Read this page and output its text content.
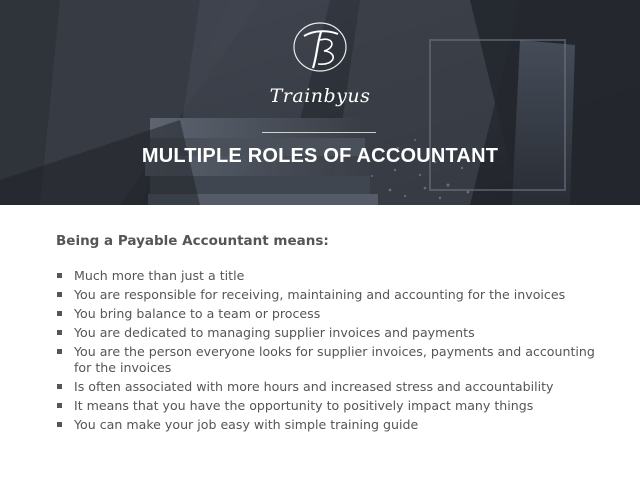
Trainbyus
MULTIPLE ROLES OF ACCOUNTANT
Being a Payable Accountant means:
Much more than just a title
You are responsible for receiving, maintaining and accounting for the invoices
You bring balance to a team or process
You are dedicated to managing supplier invoices and payments
You are the person everyone looks for supplier invoices, payments and accounting for the invoices
Is often associated with more hours and increased stress and accountability
It means that you have the opportunity to positively impact many things
You can make your job easy with simple training guide
